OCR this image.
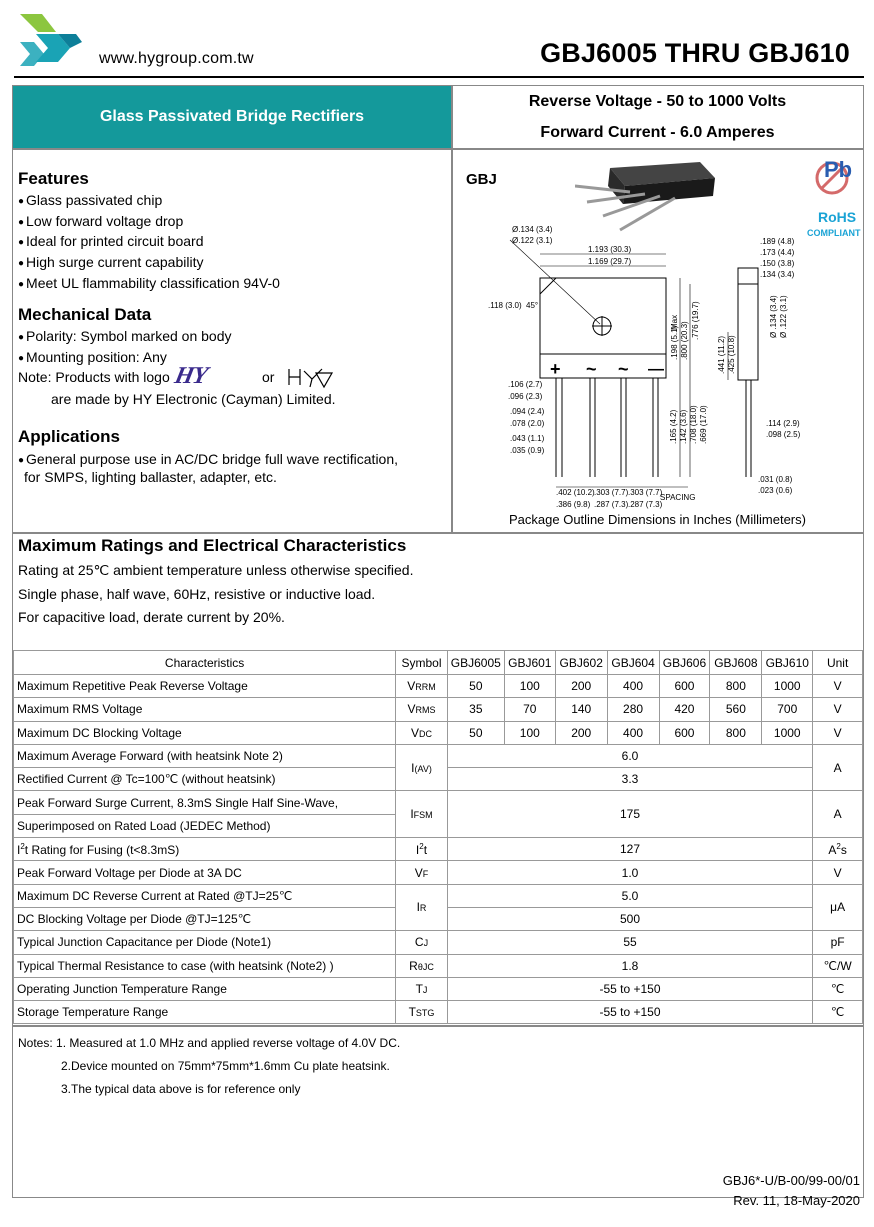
www.hygroup.com.tw	GBJ6005 THRU GBJ610
Glass Passivated Bridge Rectifiers
Reverse Voltage - 50 to 1000 Volts
Forward Current - 6.0 Amperes
Features
● Glass passivated chip
● Low forward voltage drop
● Ideal for printed circuit board
● High surge current capability
● Meet UL flammability classification 94V-0
Mechanical Data
● Polarity: Symbol marked on body
● Mounting position: Any
Note: Products with logo HY	or
are made by HY Electronic (Cayman) Limited.
Applications
● General purpose use in AC/DC bridge full wave rectification,
for SMPS, lighting ballaster, adapter, etc.
GBJ	Pb
RoHS
COMPLIANT
Ø.134 (3.4)
Ø.122 (3.1)
1.193 (30.3)
1.169 (29.7)
.189 (4.8)
.173 (4.4)
.150 (3.8)
.134 (3.4)
.118 (3.0) 45°
.198 (5.1) .800 (20.3)
Max .776 (19.7)	Ø .134 (3.4) Ø .122 (3.1)
.441 (11.2) .425 (10.8)
.106 (2.7)
.096 (2.3)
.094 (2.4)
.078 (2.0)
.043 (1.1)
.035 (0.9)
.165 (4.2) .142 (3.6) .708 (18.0) .669 (17.0)	.114 (2.9)
.098 (2.5)
.031 (0.8)
.023 (0.6)
.402 (10.2)
.386 (9.8)
.303 (7.7)
.287 (7.3)
.303 (7.7)
.287 (7.3)
SPACING
+ ~ ~ —
Package Outline Dimensions in Inches (Millimeters)
Maximum Ratings and Electrical Characteristics
Rating at 25℃ ambient temperature unless otherwise specified.
Single phase, half wave, 60Hz, resistive or inductive load.
For capacitive load, derate current by 20%.
Characteristics	Symbol	GBJ6005	GBJ601	GBJ602	GBJ604	GBJ606	GBJ608	GBJ610	Unit
Maximum Repetitive Peak Reverse Voltage	VRRM	50	100	200	400	600	800	1000	V
Maximum RMS Voltage	VRMS	35	70	140	280	420	560	700	V
Maximum DC Blocking Voltage	VDC	50	100	200	400	600	800	1000	V
Maximum Average Forward (with heatsink Note 2)	I(AV)	6.0							A
Rectified Current @ Tc=100℃ (without heatsink)		3.3							
Peak Forward Surge Current, 8.3mS Single Half Sine-Wave,	IFSM	175							A
Superimposed on Rated Load (JEDEC Method)									
$I^2t$ Rating for Fusing (t<8.3mS)	$I^2t$	127							$A^2s$
Peak Forward Voltage per Diode at 3A DC	VF	1.0							V
Maximum DC Reverse Current at Rated @TJ=25℃	IR	5.0							μA
DC Blocking Voltage per Diode @TJ=125℃		500							
Typical Junction Capacitance per Diode (Note1)	CJ	55							pF
Typical Thermal Resistance to case (with heatsink (Note2) )	RθJC	1.8							℃/W
Operating Junction Temperature Range	TJ	-55 to +150							℃
Storage Temperature Range	TSTG	-55 to +150							℃
Notes: 1. Measured at 1.0 MHz and applied reverse voltage of 4.0V DC.
2.Device mounted on 75mm*75mm*1.6mm Cu plate heatsink.
3.The typical data above is for reference only
GBJ6*-U/B-00/99-00/01
Rev. 11, 18-May-2020
